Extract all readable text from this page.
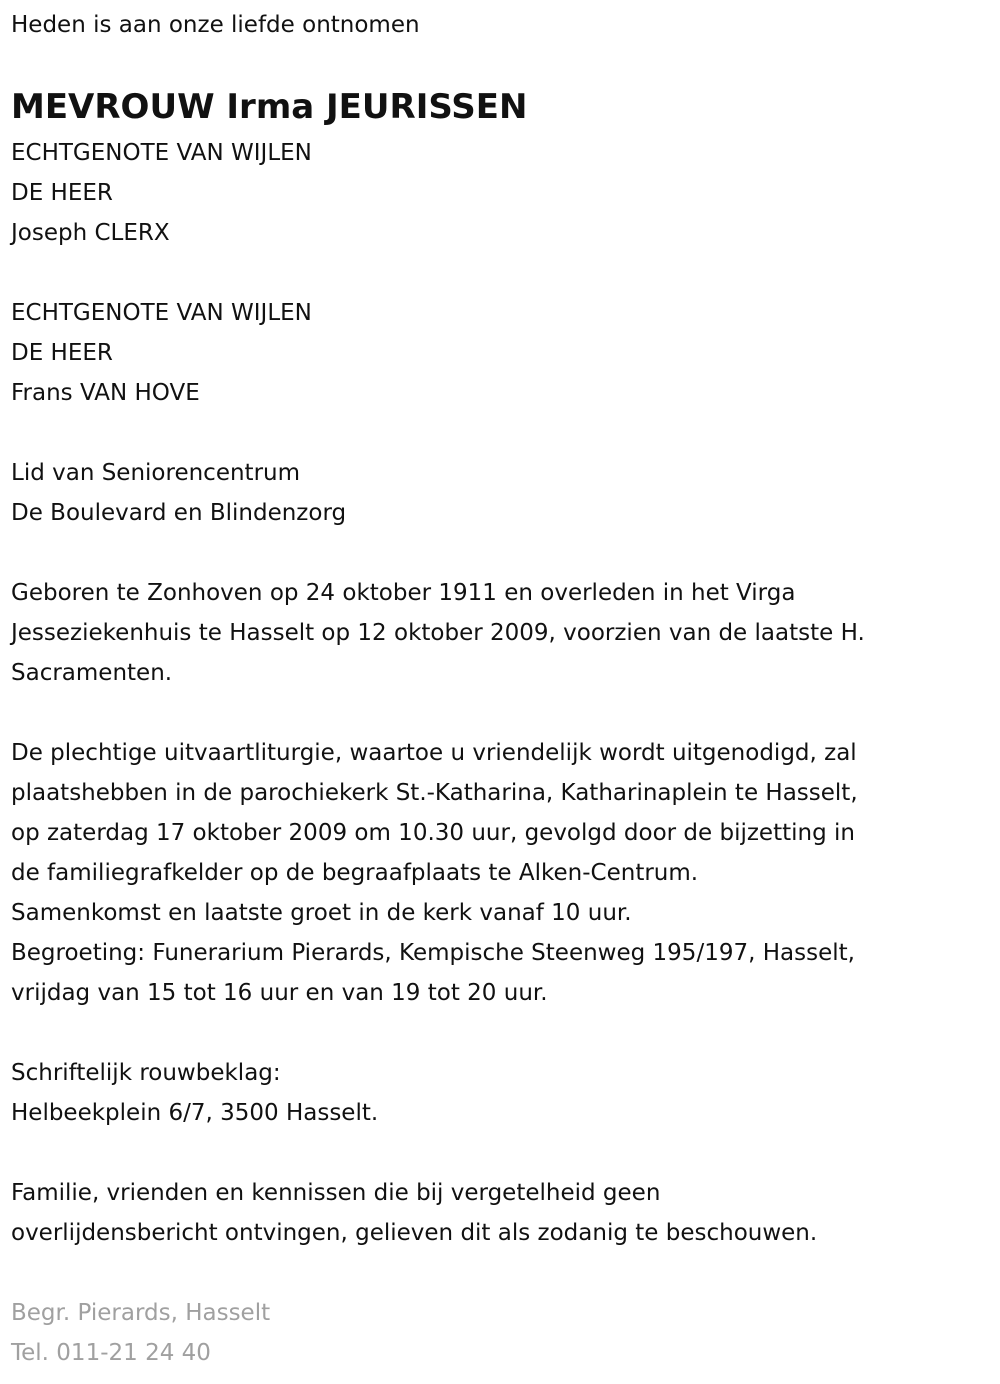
Heden is aan onze liefde ontnomen
MEVROUW Irma JEURISSEN
ECHTGENOTE VAN WIJLEN
DE HEER
Joseph CLERX
ECHTGENOTE VAN WIJLEN
DE HEER
Frans VAN HOVE
Lid van Seniorencentrum
De Boulevard en Blindenzorg
Geboren te Zonhoven op 24 oktober 1911 en overleden in het Virga
Jesseziekenhuis te Hasselt op 12 oktober 2009, voorzien van de laatste H.
Sacramenten.
De plechtige uitvaartliturgie, waartoe u vriendelijk wordt uitgenodigd, zal
plaatshebben in de parochiekerk St.-Katharina, Katharinaplein te Hasselt,
op zaterdag 17 oktober 2009 om 10.30 uur, gevolgd door de bijzetting in
de familiegrafkelder op de begraafplaats te Alken-Centrum.
Samenkomst en laatste groet in de kerk vanaf 10 uur.
Begroeting: Funerarium Pierards, Kempische Steenweg 195/197, Hasselt,
vrijdag van 15 tot 16 uur en van 19 tot 20 uur.
Schriftelijk rouwbeklag:
Helbeekplein 6/7, 3500 Hasselt.
Familie, vrienden en kennissen die bij vergetelheid geen
overlijdensbericht ontvingen, gelieven dit als zodanig te beschouwen.
Begr. Pierards, Hasselt
Tel. 011-21 24 40
